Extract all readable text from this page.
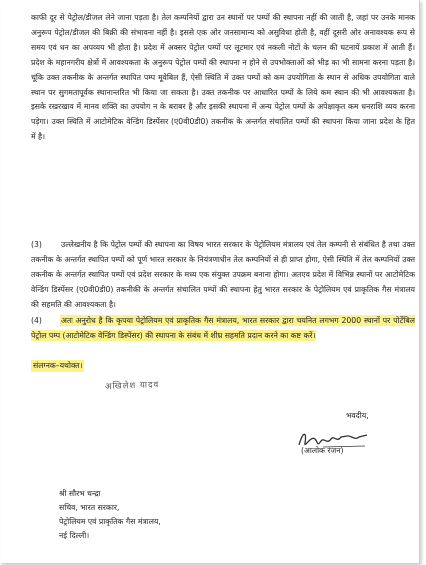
काफी दूर से पेट्रोल/डीजल लेने जाना पड़ता है। तेल कम्पनियों द्वारा उन स्थानों पर पम्पों की स्थापना नहीं की जाती है, जहां पर उनके मानक अनुरूप पेट्रोल/डीजल की बिक्री की संभावना नहीं है। इससे एक ओर जनसामान्य को असुविधा होती है, वहीं दूसरी ओर अनावश्यक रूप से समय एवं धन का अपव्यय भी होता है। प्रदेश में अक्सर पेट्रोल पम्पों पर लूटमार एवं नकली नोटों के चलन की घटनायें प्रकाश में आती हैं। प्रदेश के महानगरीय क्षेत्रों में आवश्यकता के अनुरूप पेट्रोल पम्पों की स्थापना न होने से उपभोक्ताओं को भीड़ का भी सामना करना पड़ता है। चूंकि उक्त तकनीक के अन्तर्गत स्थापित पम्प मूवेबिल हैं, ऐसी स्थिति में उक्त पम्पों को कम उपयोगिता के स्थान से अधिक उपयोगिता वाले स्थान पर सुगमतापूर्वक स्थानान्तरित भी किया जा सकता है। उक्त तकनीक पर आधारित पम्पों के लिये कम स्थान की भी आवश्यकता है। इसके रखरखाव में मानव शक्ति का उपयोग न के बराबर है और इसकी स्थापना में अन्य पेट्रोल पम्पों के अपेक्षाकृत कम धनराशि व्यय करना पड़ेगा। उक्त स्थिति में आटोमेटिक वेन्डिंग डिस्पेंसर (ए0वी0डी0) तकनीक के अन्तर्गत संचालित पम्पों की स्थापना किया जाना प्रदेश के हित में है।

(3) उल्लेखनीय है कि पेट्रोल पम्पों की स्थापना का विषय भारत सरकार के पेट्रोलियम मंत्रालय एवं तेल कम्पनी से संबंधित है तथा उक्त तकनीक के अन्तर्गत स्थापित पम्पों को पूर्ण भारत सरकार के नियंत्रणाधीन तेल कम्पनियों से ही प्राप्त होगा, ऐसी स्थिति में तेल कम्पनियों उक्त तकनीक के अन्तर्गत स्थापित पम्पों एवं प्रदेश सरकार के मध्य एक संयुक्त उपक्रम बनाना होगा। अतएव प्रदेश में विभिन्न स्थानों पर आटोमेटिक वेन्डिंग डिस्पेंसर (ए0वी0डी0) तकनीकी के अन्तर्गत संचालित पम्पों की स्थापना हेतु भारत सरकार के पेट्रोलियम एवं प्राकृतिक गैस मंत्रालय की सहमति की आवश्यकता है।

(4) अतः अनुरोध है कि कृपया पेट्रोलियम एवं प्राकृतिक गैस मंत्रालय, भारत सरकार द्वारा चयनित लगभग 2000 स्थानों पर पोर्टेबिल पेट्रोल पम्प (आटोमेटिक वेन्डिंग डिस्पेंसर) की स्थापना के संबंध में शीघ्र सहमति प्रदान करने का कष्ट करें।

संलग्नक–यथोक्त।
अखिलेश यादव
भवदीय,
(आलोक रंजन)
श्री सौरभ चन्द्रा
सचिव, भारत सरकार,
पेट्रोलियम एवं प्राकृतिक गैस मंत्रालय,
नई दिल्ली।
